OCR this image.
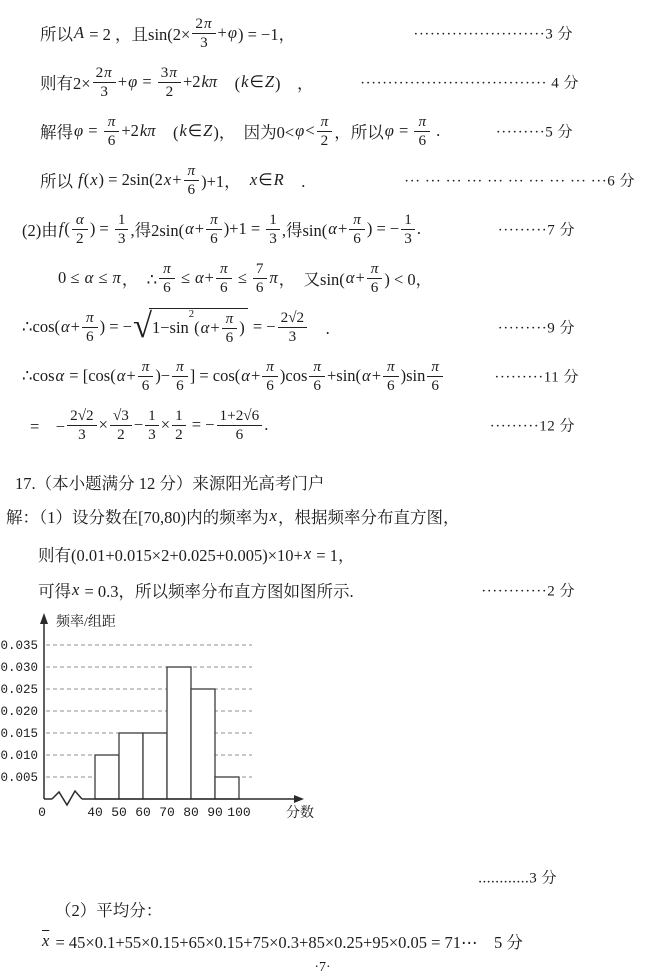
所以 A = 2 ，且$\sin(2\times \frac{2\pi}{3} + \varphi$ ) = −1，	························3 分
则有$2\times \frac{2\pi}{3} + \varphi = \frac{3\pi}{2} +2$ kπ 　( k ∈ Z )　，	·································· 4 分
解得 $\varphi = \frac{\pi}{6} +2$ kπ 　( k ∈ Z )，　因为$0< \varphi < \frac{\pi}{2}$ ，所以 $\varphi = \frac{\pi}{6}$ .	·········5 分
所以 f ( x ) = 2sin(2 $x + \frac{\pi}{6} )+1$，　 x ∈ R 　.	··· ··· ··· ··· ··· ··· ··· ··· ··· ···6 分
(2)由 f ( $\frac{\alpha}{2}$ ) = $\frac{1}{3}$ ,得2sin( $\alpha + \frac{\pi}{6} )+1 = \frac{1}{3}$ ,得sin( $\alpha + \frac{\pi}{6}$ ) = − $\frac{1}{3}$ .	·········7 分
0 ≤ α ≤ π ，　∴ $\frac{\pi}{6} \le \alpha + \frac{\pi}{6} \le \frac{7}{6}$ π ，　又sin( $\alpha + \frac{\pi}{6}$ ) < 0，
∴cos( $\alpha + \frac{\pi}{6}$ ) = − √ 1−sin
2
( $\alpha + \frac{\pi}{6}$ ) = − $\frac{2√2}{3}$ 　.	·········9 分
∴cos α = [cos( $\alpha + \frac{\pi}{6}$ )− $\frac{\pi}{6}$ ] = cos( $\alpha + \frac{\pi}{6} )\cos \frac{\pi}{6} +\sin$( $\alpha + \frac{\pi}{6} )\sin \frac{\pi}{6}$	·········11 分
=　− $\frac{2√2}{3} \times \frac{√3}{2} - \frac{1}{3} \times \frac{1}{2}$ = − $\frac{1+2√6}{6}$ .	·········12 分
17.（本小题满分 12 分）来源阳光高考门户
解：（1）设分数在[70,80)内的频率为 x ，根据频率分布直方图，
则有(0.01+0.015×2+0.025+0.005)×10+ x = 1，
可得 x = 0.3，所以频率分布直方图如图所示.	············2 分
0.005
0.010
0.015
0.020
0.025
0.030
0.035
0	40 50 60 70 80 90 100
频率/组距
分数
............3 分
（2）平均分：
$\overline{x} = 45\times 0.1+55\times 0.15+65\times 0.15+75\times 0.3+85\times 0.25+95\times 0.05$ = 71⋯　5 分
·7·
